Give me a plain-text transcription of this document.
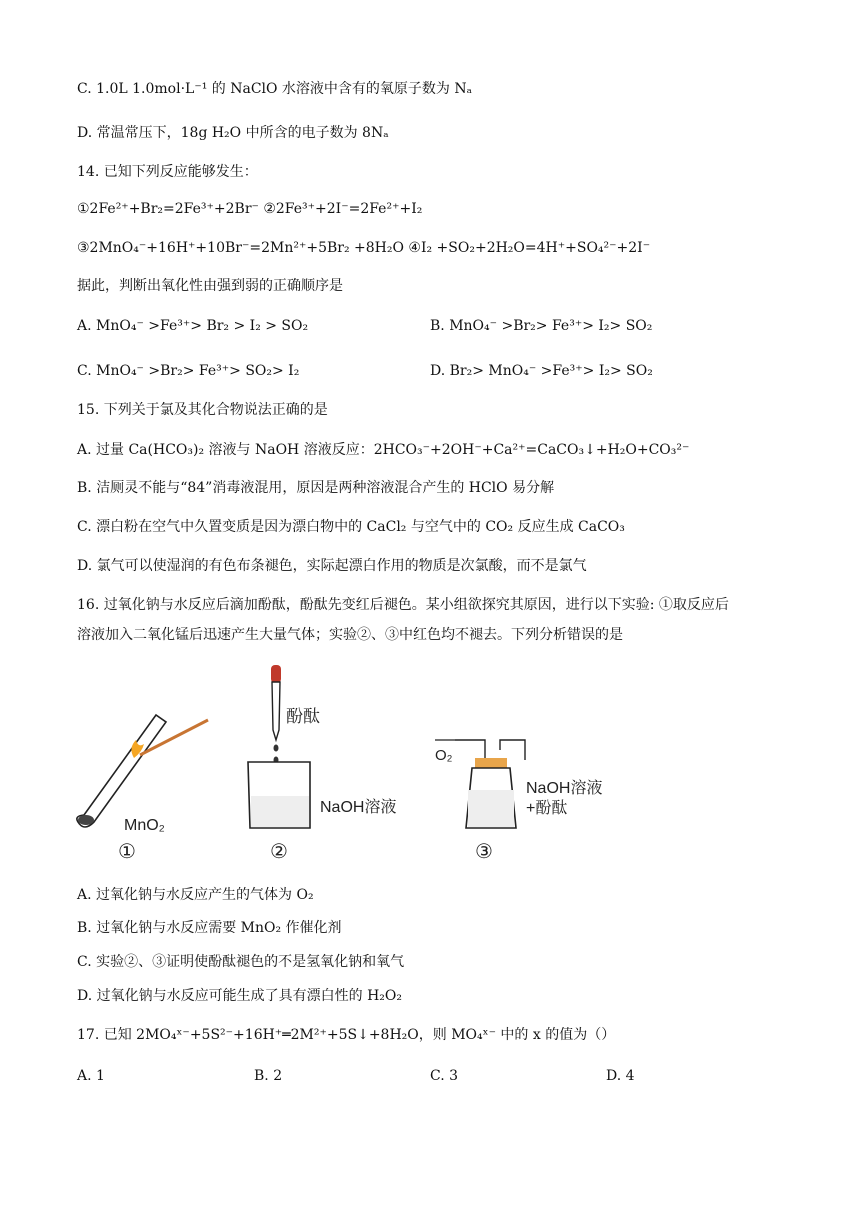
C. 1.0L 1.0mol·L⁻¹ 的 NaClO 水溶液中含有的氧原子数为 Nₐ
D. 常温常压下，18g H₂O 中所含的电子数为 8Nₐ
14. 已知下列反应能够发生：
①2Fe²⁺+Br₂=2Fe³⁺+2Br⁻ ②2Fe³⁺+2I⁻=2Fe²⁺+I₂
③2MnO₄⁻+16H⁺+10Br⁻=2Mn²⁺+5Br₂ +8H₂O ④I₂ +SO₂+2H₂O=4H⁺+SO₄²⁻+2I⁻
据此，判断出氧化性由强到弱的正确顺序是
A. MnO₄⁻ >Fe³⁺> Br₂ > I₂ > SO₂	B. MnO₄⁻ >Br₂> Fe³⁺> I₂> SO₂
C. MnO₄⁻ >Br₂> Fe³⁺> SO₂> I₂	D. Br₂> MnO₄⁻ >Fe³⁺> I₂> SO₂
15. 下列关于氯及其化合物说法正确的是
A. 过量 Ca(HCO₃)₂ 溶液与 NaOH 溶液反应：2HCO₃⁻+2OH⁻+Ca²⁺=CaCO₃↓+H₂O+CO₃²⁻
B. 洁厕灵不能与“84”消毒液混用，原因是两种溶液混合产生的 HClO 易分解
C. 漂白粉在空气中久置变质是因为漂白物中的 CaCl₂ 与空气中的 CO₂ 反应生成 CaCO₃
D. 氯气可以使湿润的有色布条褪色，实际起漂白作用的物质是次氯酸，而不是氯气
16. 过氧化钠与水反应后滴加酚酞，酚酞先变红后褪色。某小组欲探究其原因，进行以下实验: ①取反应后
溶液加入二氧化锰后迅速产生大量气体；实验②、③中红色均不褪去。下列分析错误的是
MnO₂
①
酚酞
NaOH溶液
②
O₂
NaOH溶液
+酚酞
③
A. 过氧化钠与水反应产生的气体为 O₂
B. 过氧化钠与水反应需要 MnO₂ 作催化剂
C. 实验②、③证明使酚酞褪色的不是氢氧化钠和氧气
D. 过氧化钠与水反应可能生成了具有漂白性的 H₂O₂
17. 已知 2MO₄ˣ⁻+5S²⁻+16H⁺═2M²⁺+5S↓+8H₂O，则 MO₄ˣ⁻ 中的 x 的值为（）
A. 1	B. 2	C. 3	D. 4
